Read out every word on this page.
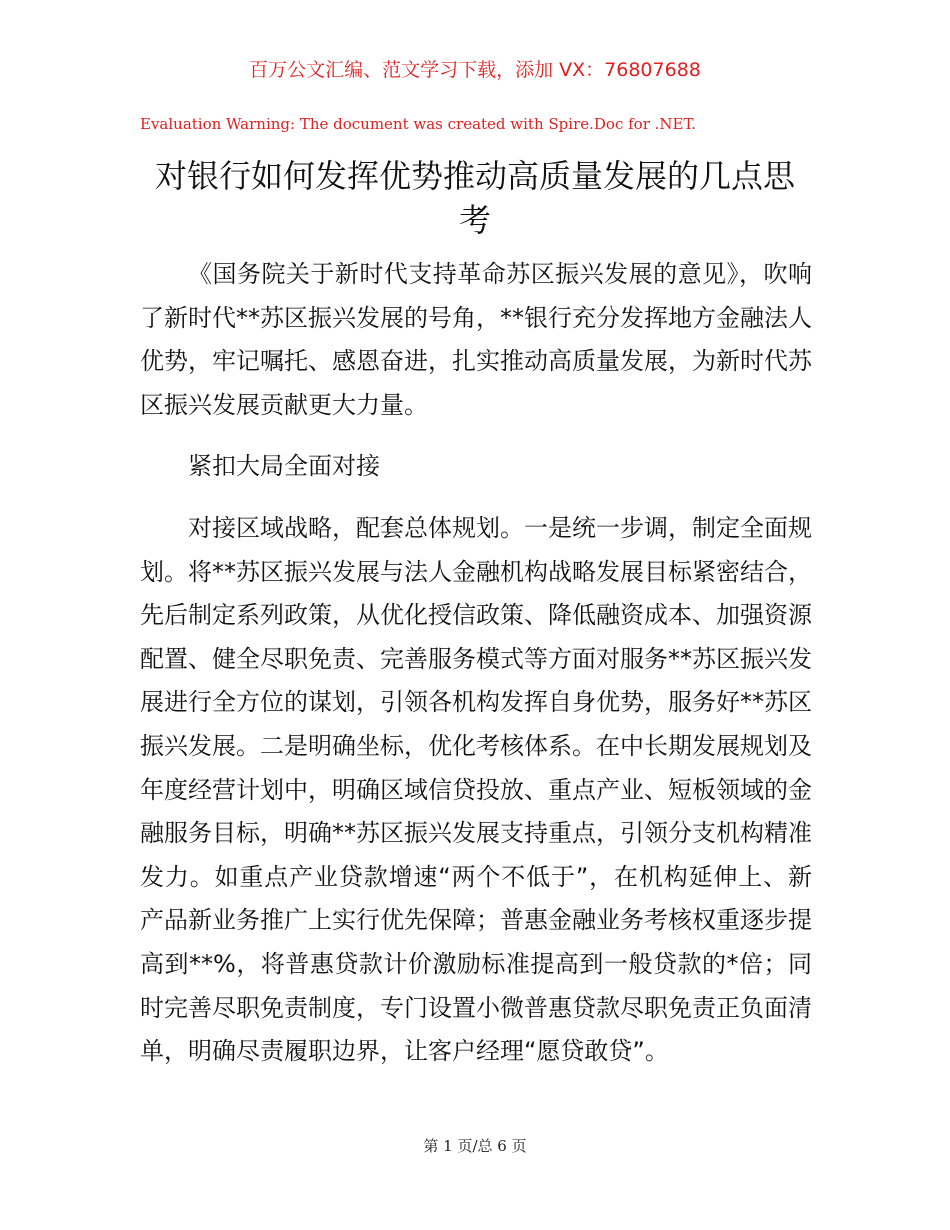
百万公文汇编、范文学习下载，添加 VX：76807688
Evaluation Warning: The document was created with Spire.Doc for .NET.
对银行如何发挥优势推动高质量发展的几点思考

《国务院关于新时代支持革命苏区振兴发展的意见》，吹响了新时代**苏区振兴发展的号角，**银行充分发挥地方金融法人优势，牢记嘱托、感恩奋进，扎实推动高质量发展，为新时代苏区振兴发展贡献更大力量。

紧扣大局全面对接

对接区域战略，配套总体规划。一是统一步调，制定全面规划。将**苏区振兴发展与法人金融机构战略发展目标紧密结合，先后制定系列政策，从优化授信政策、降低融资成本、加强资源配置、健全尽职免责、完善服务模式等方面对服务**苏区振兴发展进行全方位的谋划，引领各机构发挥自身优势，服务好**苏区振兴发展。二是明确坐标，优化考核体系。在中长期发展规划及年度经营计划中，明确区域信贷投放、重点产业、短板领域的金融服务目标，明确**苏区振兴发展支持重点，引领分支机构精准发力。如重点产业贷款增速“两个不低于”，在机构延伸上、新产品新业务推广上实行优先保障；普惠金融业务考核权重逐步提高到**%，将普惠贷款计价激励标准提高到一般贷款的*倍；同时完善尽职免责制度，专门设置小微普惠贷款尽职免责正负面清单，明确尽责履职边界，让客户经理“愿贷敢贷”。

第 1 页/总 6 页
